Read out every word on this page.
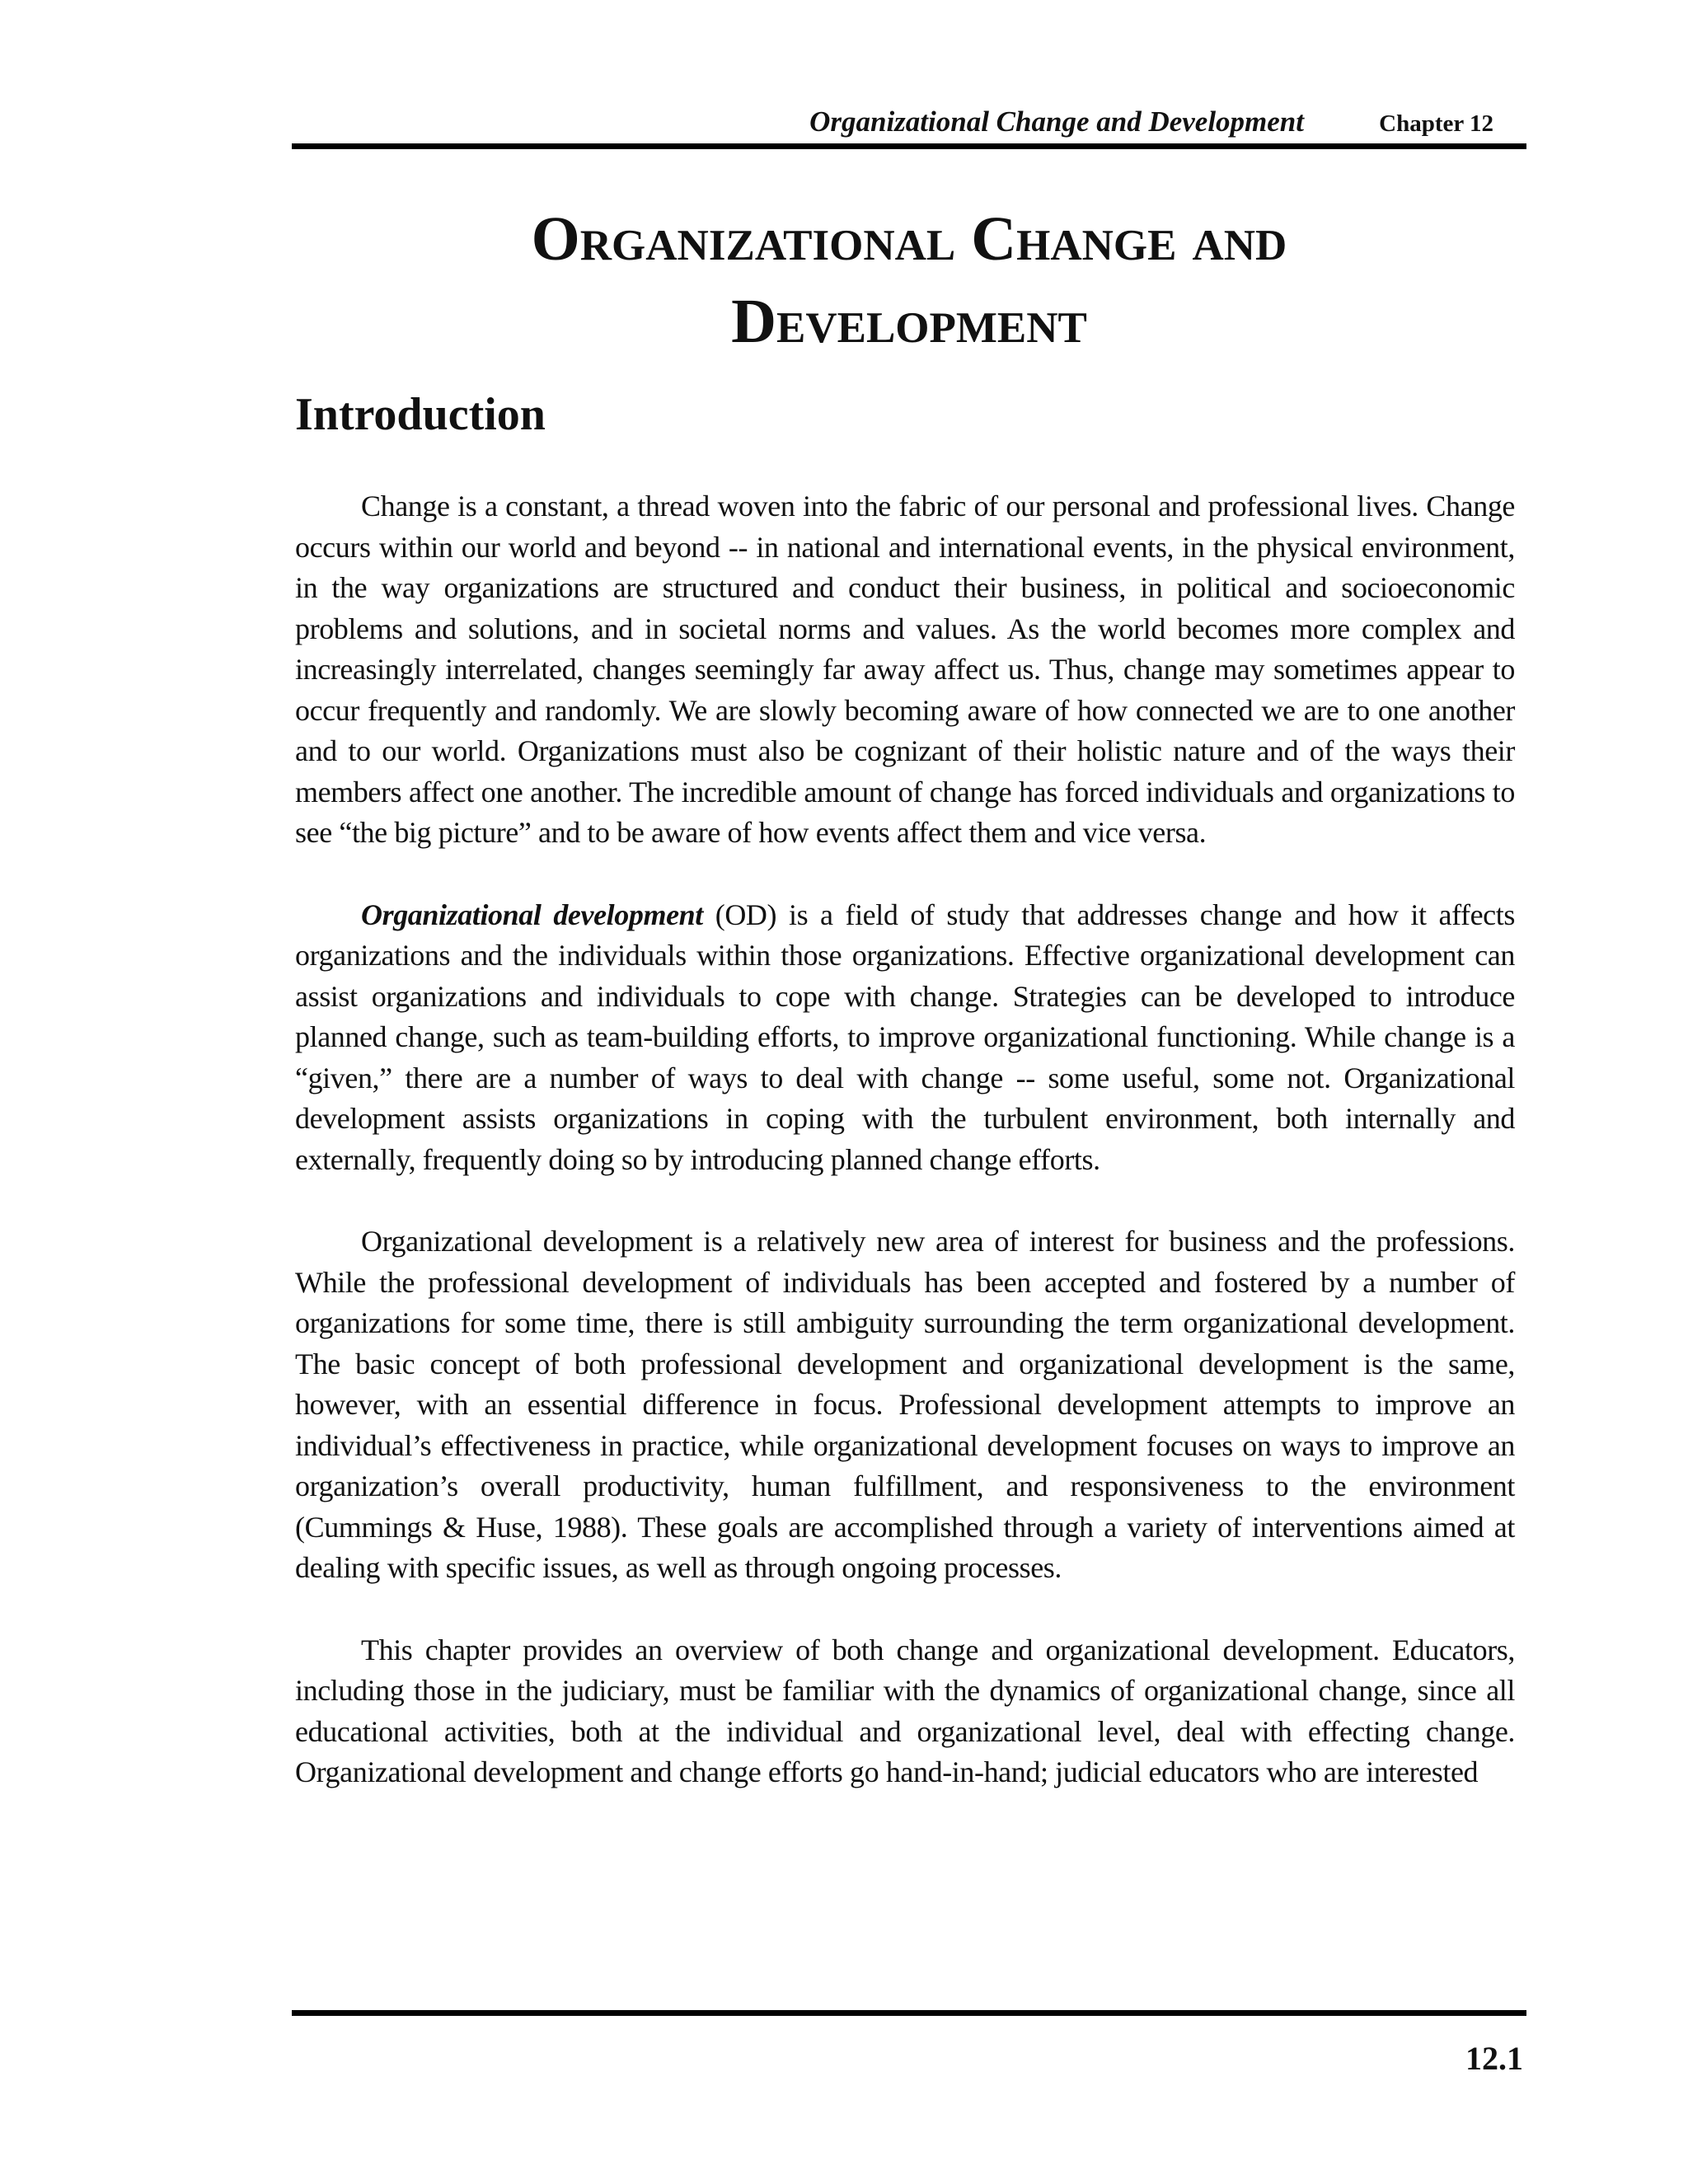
Organizational Change and Development	Chapter 12
Organizational Change and
Development
Introduction

Change is a constant, a thread woven into the fabric of our personal and professional lives. Change occurs within our world and beyond -- in national and international events, in the physical environment, in the way organizations are structured and conduct their business, in political and socioeconomic problems and solutions, and in societal norms and values. As the world becomes more complex and increasingly interrelated, changes seemingly far away affect us. Thus, change may sometimes appear to occur frequently and randomly. We are slowly becoming aware of how connected we are to one another and to our world. Organizations must also be cognizant of their holistic nature and of the ways their members affect one another. The incredible amount of change has forced individuals and organizations to see “the big picture” and to be aware of how events affect them and vice versa.

Organizational development (OD) is a field of study that addresses change and how it affects organizations and the individuals within those organizations. Effective organizational development can assist organizations and individuals to cope with change. Strategies can be developed to introduce planned change, such as team-building efforts, to improve organizational functioning. While change is a “given,” there are a number of ways to deal with change -- some useful, some not. Organizational development assists organizations in coping with the turbulent environment, both internally and externally, frequently doing so by introducing planned change efforts.

Organizational development is a relatively new area of interest for business and the professions. While the professional development of individuals has been accepted and fostered by a number of organizations for some time, there is still ambiguity surrounding the term organizational development. The basic concept of both professional development and organizational development is the same, however, with an essential difference in focus. Professional development attempts to improve an individual’s effectiveness in practice, while organizational development focuses on ways to improve an organization’s overall productivity, human fulfillment, and responsiveness to the environment (Cummings & Huse, 1988). These goals are accomplished through a variety of interventions aimed at dealing with specific issues, as well as through ongoing processes.

This chapter provides an overview of both change and organizational development. Educators, including those in the judiciary, must be familiar with the dynamics of organizational change, since all educational activities, both at the individual and organizational level, deal with effecting change. Organizational development and change efforts go hand-in-hand; judicial educators who are interested

12.1
